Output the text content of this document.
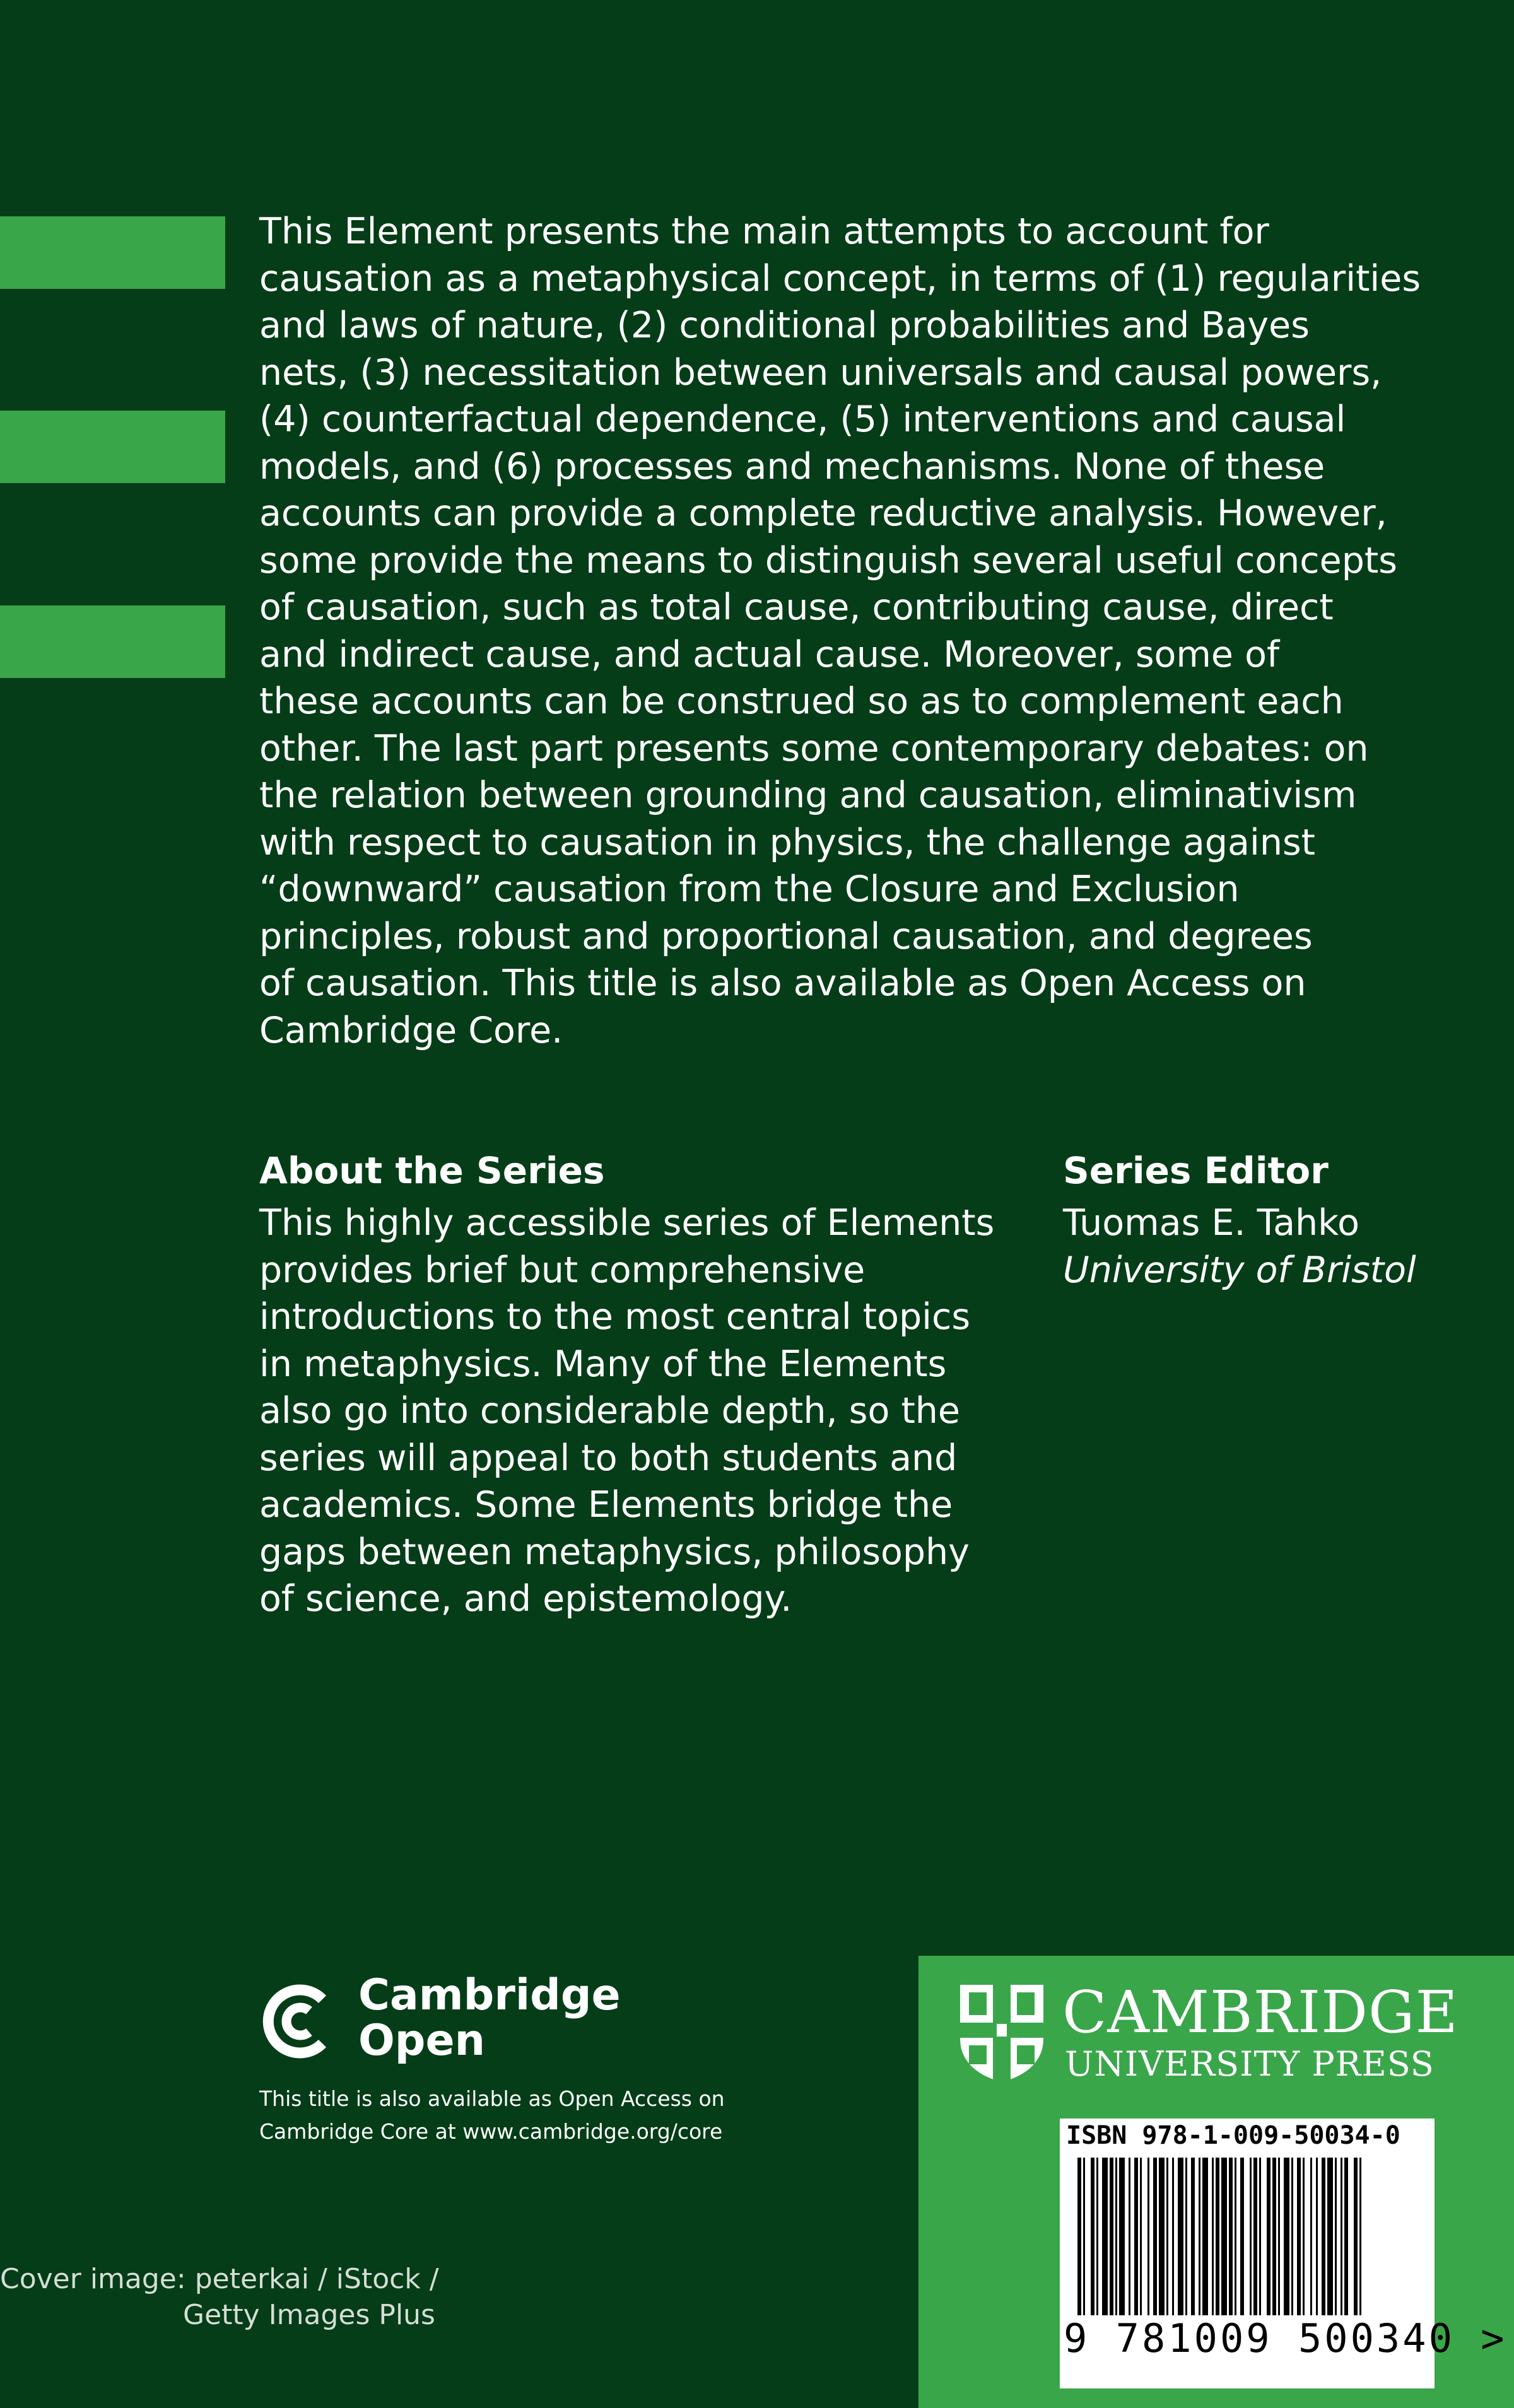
This Element presents the main attempts to account for
causation as a metaphysical concept, in terms of (1) regularities
and laws of nature, (2) conditional probabilities and Bayes
nets, (3) necessitation between universals and causal powers,
(4) counterfactual dependence, (5) interventions and causal
models, and (6) processes and mechanisms. None of these
accounts can provide a complete reductive analysis. However,
some provide the means to distinguish several useful concepts
of causation, such as total cause, contributing cause, direct
and indirect cause, and actual cause. Moreover, some of
these accounts can be construed so as to complement each
other. The last part presents some contemporary debates: on
the relation between grounding and causation, eliminativism
with respect to causation in physics, the challenge against
“downward” causation from the Closure and Exclusion
principles, robust and proportional causation, and degrees
of causation. This title is also available as Open Access on
Cambridge Core.

About the Series

This highly accessible series of Elements
provides brief but comprehensive
introductions to the most central topics
in metaphysics. Many of the Elements
also go into considerable depth, so the
series will appeal to both students and
academics. Some Elements bridge the
gaps between metaphysics, philosophy
of science, and epistemology.

Series Editor
Tuomas E. Tahko
University of Bristol
Cambridge
Open
This title is also available as Open Access on
Cambridge Core at www.cambridge.org/core
Cover image: peterkai / iStock /
Getty Images Plus
CAMBRIDGE
UNIVERSITY PRESS
ISBN 978-1-009-50034-0
9 781009 500340 >
